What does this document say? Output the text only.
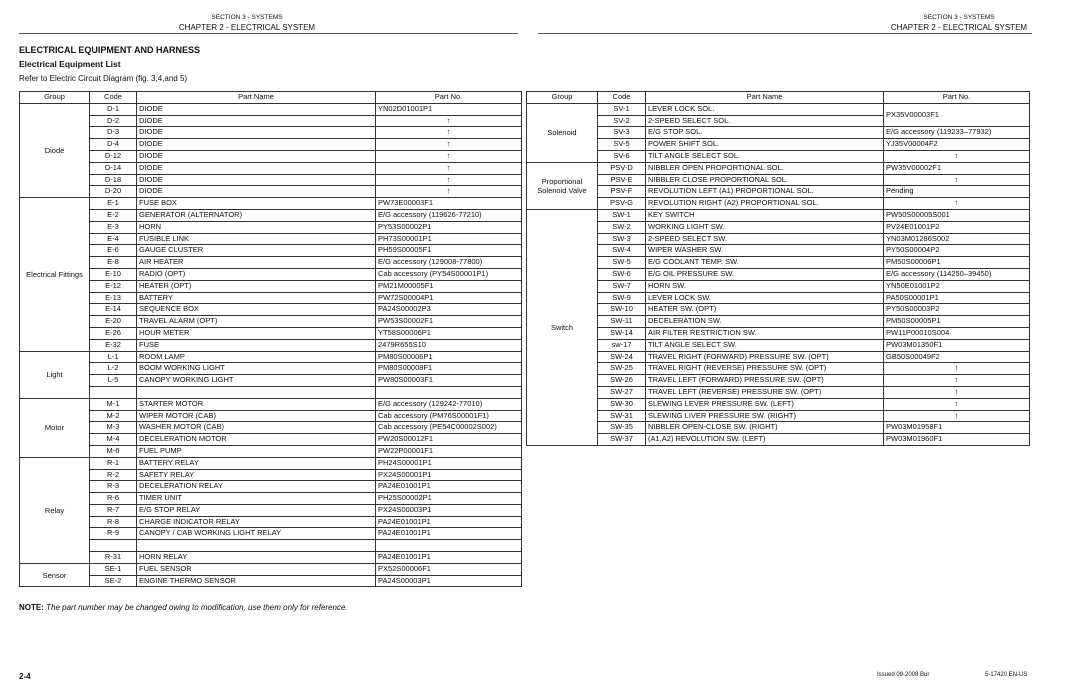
SECTION 3 - SYSTEMS
CHAPTER 2 - ELECTRICAL SYSTEM
SECTION 3 - SYSTEMS
CHAPTER 2 - ELECTRICAL SYSTEM
ELECTRICAL EQUIPMENT AND HARNESS
Electrical Equipment List
Refer to Electric Circuit Diagram (fig. 3,4,and 5)
Group	Code	Part Name	Part No.
Diode	D-1	DIODE	YN02D01001P1
	D-2	DIODE	↑
	D-3	DIODE	↑
	D-4	DIODE	↑
	D-12	DIODE	↑
	D-14	DIODE	↑
	D-18	DIODE	↑
	D-20	DIODE	↑
Electrical Fittings	E-1	FUSE BOX	PW73E00003F1
	E-2	GENERATOR (ALTERNATOR)	E/G accessory (119626-77210)
	E-3	HORN	PY53S00002P1
	E-4	FUSIBLE LINK	PH73S00001P1
	E-6	GAUGE CLUSTER	PH59S00005F1
	E-8	AIR HEATER	E/G accessory (129008-77800)
	E-10	RADIO (OPT)	Cab accessory (PY54S00001P1)
	E-12	HEATER (OPT)	PM21M00005F1
	E-13	BATTERY	PW72S00004P1
	E-14	SEQUENCE BOX	PA24S00002P3
	E-20	TRAVEL ALARM (OPT)	PW53S00002F1
	E-26	HOUR METER	YT58S00006P1
	E-32	FUSE	2479R655S10
Light	L-1	ROOM LAMP	PM80S00006P1
	L-2	BOOM WORKING LIGHT	PM80S00008F1
	L-5	CANOPY WORKING LIGHT	PW80S00003F1

Motor	M-1	STARTER MOTOR	E/G accessory (129242-77010)
	M-2	WIPER MOTOR (CAB)	Cab accessory (PM76S00001F1)
	M-3	WASHER MOTOR (CAB)	Cab accessory (PE54C00002S002)
	M-4	DECELERATION MOTOR	PW20S00012F1
	M-6	FUEL PUMP	PW22P00001F1
Relay	R-1	BATTERY RELAY	PH24S00001P1
	R-2	SAFETY RELAY	PX24S00001P1
	R-3	DECELERATION RELAY	PA24E01001P1
	R-6	TIMER UNIT	PH25S00002P1
	R-7	E/G STOP RELAY	PX24S00003P1
	R-8	CHARGE INDICATOR RELAY	PA24E01001P1
	R-9	CANOPY / CAB WORKING LIGHT RELAY	PA24E01001P1

	R-31	HORN RELAY	PA24E01001P1
Sensor	SE-1	FUEL SENSOR	PX52S00006F1
	SE-2	ENGINE THERMO SENSOR	PA24S00003P1
Group	Code	Part Name	Part No.
Solenoid	SV-1	LEVER LOCK SOL.	PX35V00003F1
	SV-2	2-SPEED SELECT SOL.	
	SV-3	E/G STOP SOL.	E/G accessory (119233–77932)
	SV-5	POWER SHIFT SOL.	YJ35V00004F2
	SV-6	TILT ANGLE SELECT SOL.	↑
Proportional Solenoid Valve	PSV-D	NIBBLER OPEN PROPORTIONAL SOL.	PW35V00002F1
	PSV-E	NIBBLER CLOSE PROPORTIONAL SOL.	↑
	PSV-F	REVOLUTION LEFT (A1) PROPORTIONAL SOL.	Pending
	PSV-G	REVOLUTION RIGHT (A2) PROPORTIONAL SOL.	↑
Switch	SW-1	KEY SWITCH	PW50S00005S001
	SW-2	WORKING LIGHT SW.	PV24E01001P2
	SW-3	2-SPEED SELECT SW.	YN03M01286S002
	SW-4	WIPER WASHER SW.	PY50S00004P2
	SW-5	E/G COOLANT TEMP. SW.	PM50S00006P1
	SW-6	E/G OIL PRESSURE SW.	E/G accessory (114250–39450)
	SW-7	HORN SW.	YN50E01001P2
	SW-9	LEVER LOCK SW.	PA50S00001P1
	SW-10	HEATER SW. (OPT)	PY50S00003P2
	SW-11	DECELERATION SW.	PM50S00005P1
	SW-14	AIR FILTER RESTRICTION SW.	PW11P00010S004
	sw-17	TILT ANGLE SELECT SW.	PW03M01350F1
	SW-24	TRAVEL RIGHT (FORWARD) PRESSURE SW. (OPT)	GB50S00049F2
	SW-25	TRAVEL RIGHT (REVERSE) PRESSURE SW. (OPT)	↑
	SW-26	TRAVEL LEFT (FORWARD) PRESSURE SW. (OPT)	↑
	SW-27	TRAVEL LEFT (REVERSE) PRESSURE SW. (OPT)	↑
	SW-30	SLEWING LEVER PRESSURE SW. (LEFT)	↑
	SW-31	SLEWING LIVER PRESSURE SW. (RIGHT)	↑
	SW-35	NIBBLER OPEN-CLOSE SW. (RIGHT)	PW03M01958F1
	SW-37	(A1,A2) REVOLUTION SW. (LEFT)	PW03M01960F1
NOTE: The part number may be changed owing to modification, use them only for reference.
2-4	Issued 09-2008 Bur	5-17420 EN-US
